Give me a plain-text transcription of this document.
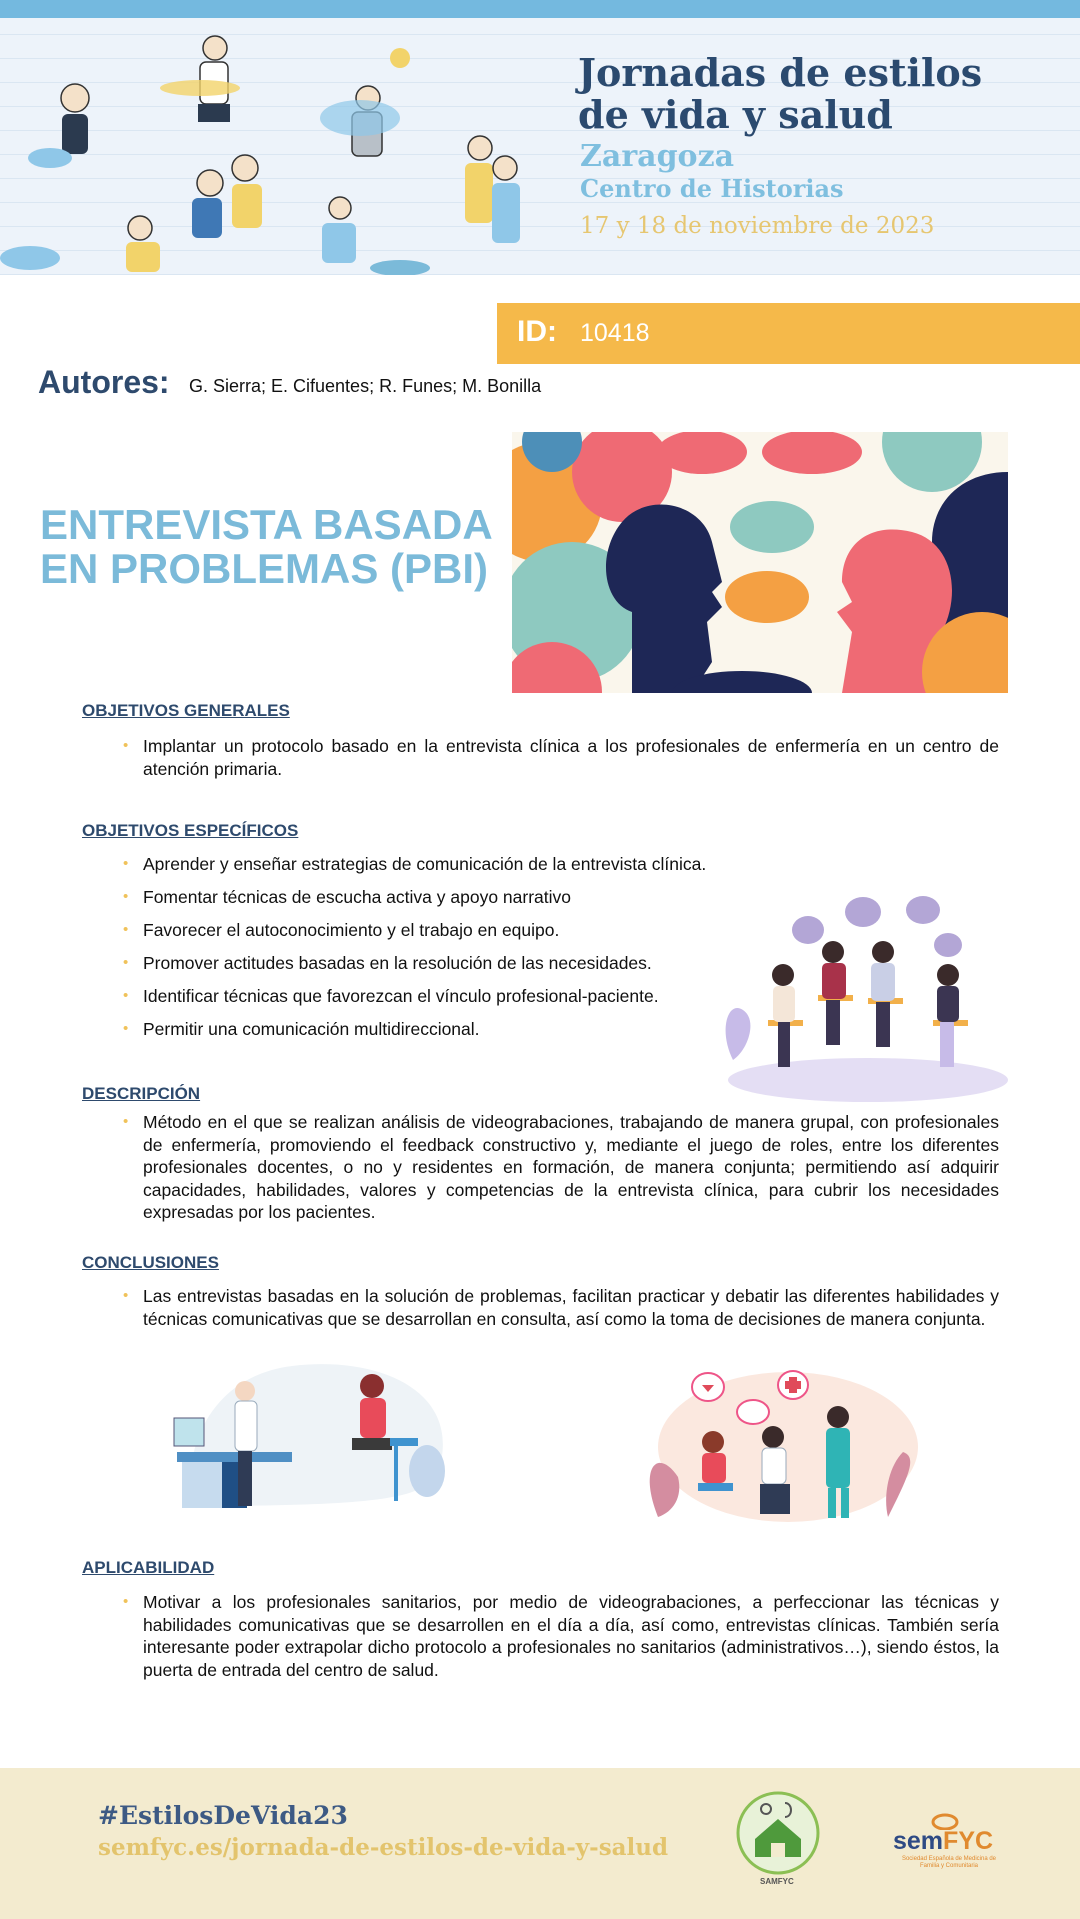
Jornadas de estilos
de vida y salud
Zaragoza
Centro de Historias
17 y 18 de noviembre de 2023
ID: 10418
Autores: G. Sierra; E. Cifuentes; R. Funes; M. Bonilla
ENTREVISTA BASADA
EN PROBLEMAS (PBI)
OBJETIVOS GENERALES
• Implantar un protocolo basado en la entrevista clínica a los profesionales de enfermería en un centro de atención primaria.
OBJETIVOS ESPECÍFICOS
• Aprender y enseñar estrategias de comunicación de la entrevista clínica.
• Fomentar técnicas de escucha activa y apoyo narrativo
• Favorecer el autoconocimiento y el trabajo en equipo.
• Promover actitudes basadas en la resolución de las necesidades.
• Identificar técnicas que favorezcan el vínculo profesional-paciente.
• Permitir una comunicación multidireccional.
DESCRIPCIÓN
• Método en el que se realizan análisis de videograbaciones, trabajando de manera grupal, con profesionales de enfermería, promoviendo el feedback constructivo y, mediante el juego de roles, entre los diferentes profesionales docentes, o no y residentes en formación, de manera conjunta; permitiendo así adquirir capacidades, habilidades, valores y competencias de la entrevista clínica, para cubrir los necesidades expresadas por los pacientes.
CONCLUSIONES
• Las entrevistas basadas en la solución de problemas, facilitan practicar y debatir las diferentes habilidades y técnicas comunicativas que se desarrollan en consulta, así como la toma de decisiones de manera conjunta.
APLICABILIDAD
• Motivar a los profesionales sanitarios, por medio de videograbaciones, a perfeccionar las técnicas y habilidades comunicativas que se desarrollen en el día a día, así como, entrevistas clínicas. También sería interesante poder extrapolar dicho protocolo a profesionales no sanitarios (administrativos…), siendo éstos, la puerta de entrada del centro de salud.
#EstilosDeVida23
semfyc.es/jornada-de-estilos-de-vida-y-salud
SAMFYC
semFYC
Sociedad Española de Medicina de Familia y Comunitaria
